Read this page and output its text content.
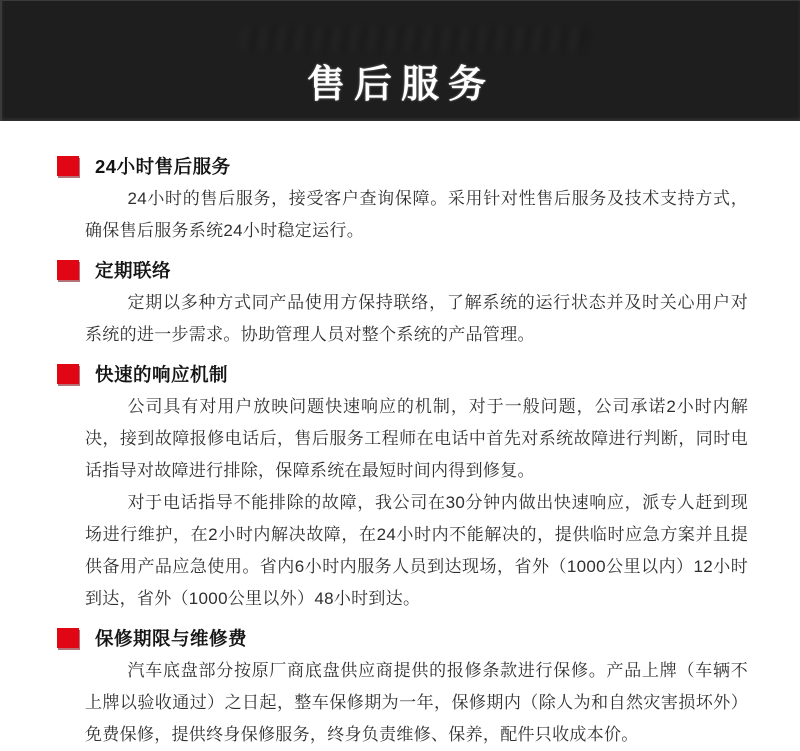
售后服务
24小时售后服务

24小时的售后服务，接受客户查询保障。采用针对性售后服务及技术支持方式，确保售后服务系统24小时稳定运行。

定期联络

定期以多种方式同产品使用方保持联络，了解系统的运行状态并及时关心用户对系统的进一步需求。协助管理人员对整个系统的产品管理。

快速的响应机制

公司具有对用户放映问题快速响应的机制，对于一般问题，公司承诺2小时内解决，接到故障报修电话后，售后服务工程师在电话中首先对系统故障进行判断，同时电话指导对故障进行排除，保障系统在最短时间内得到修复。

对于电话指导不能排除的故障，我公司在30分钟内做出快速响应，派专人赶到现场进行维护，在2小时内解决故障，在24小时内不能解决的，提供临时应急方案并且提供备用产品应急使用。省内6小时内服务人员到达现场，省外（1000公里以内）12小时到达，省外（1000公里以外）48小时到达。

保修期限与维修费

汽车底盘部分按原厂商底盘供应商提供的报修条款进行保修。产品上牌（车辆不上牌以验收通过）之日起，整车保修期为一年，保修期内（除人为和自然灾害损坏外）免费保修，提供终身保修服务，终身负责维修、保养，配件只收成本价。
